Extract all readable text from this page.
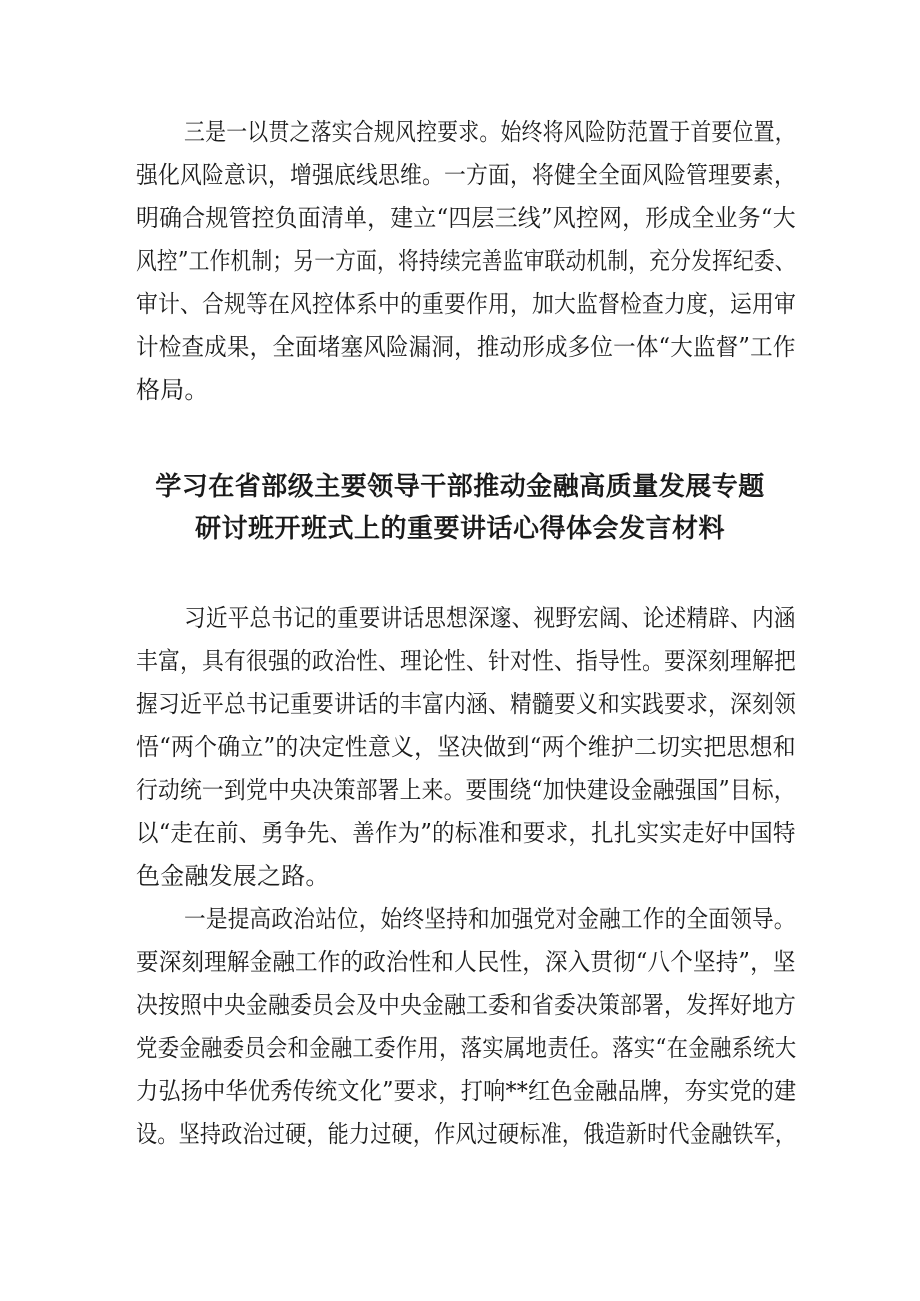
三是一以贯之落实合规风控要求。始终将风险防范置于首要位置，
强化风险意识，增强底线思维。一方面，将健全全面风险管理要素，
明确合规管控负面清单，建立“四层三线”风控网，形成全业务“大
风控”工作机制；另一方面，将持续完善监审联动机制，充分发挥纪委、
审计、合规等在风控体系中的重要作用，加大监督检查力度，运用审
计检查成果，全面堵塞风险漏洞，推动形成多位一体“大监督”工作
格局。
学习在省部级主要领导干部推动金融高质量发展专题
研讨班开班式上的重要讲话心得体会发言材料
习近平总书记的重要讲话思想深邃、视野宏阔、论述精辟、内涵
丰富，具有很强的政治性、理论性、针对性、指导性。要深刻理解把
握习近平总书记重要讲话的丰富内涵、精髓要义和实践要求，深刻领
悟“两个确立”的决定性意义，坚决做到“两个维护二切实把思想和
行动统一到党中央决策部署上来。要围绕“加快建设金融强国”目标，
以“走在前、勇争先、善作为”的标准和要求，扎扎实实走好中国特
色金融发展之路。
一是提高政治站位，始终坚持和加强党对金融工作的全面领导。
要深刻理解金融工作的政治性和人民性，深入贯彻“八个坚持”，坚
决按照中央金融委员会及中央金融工委和省委决策部署，发挥好地方
党委金融委员会和金融工委作用，落实属地责任。落实“在金融系统大
力弘扬中华优秀传统文化”要求，打响**红色金融品牌，夯实党的建
设。坚持政治过硬，能力过硬，作风过硬标准，俄造新时代金融铁军，
